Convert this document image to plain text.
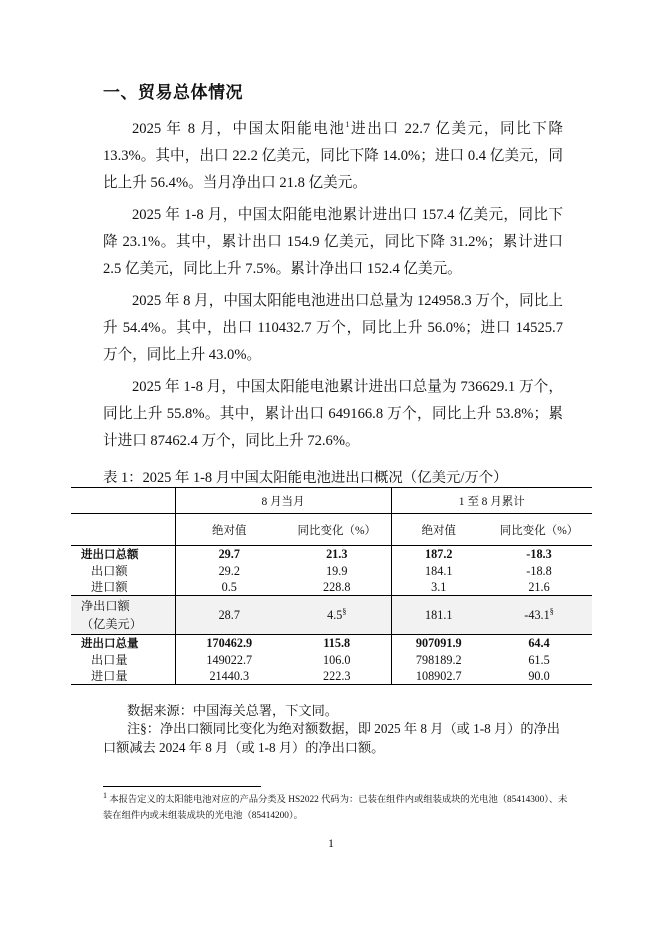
一、贸易总体情况

2025 年 8 月，中国太阳能电池$^1$进出口 22.7 亿美元，同比下降 13.3%。其中，出口 22.2 亿美元，同比下降 14.0%；进口 0.4 亿美元，同比上升 56.4%。当月净出口 21.8 亿美元。

2025 年 1-8 月，中国太阳能电池累计进出口 157.4 亿美元，同比下降 23.1%。其中，累计出口 154.9 亿美元，同比下降 31.2%；累计进口 2.5 亿美元，同比上升 7.5%。累计净出口 152.4 亿美元。

2025 年 8 月，中国太阳能电池进出口总量为 124958.3 万个，同比上升 54.4%。其中，出口 110432.7 万个，同比上升 56.0%；进口 14525.7 万个，同比上升 43.0%。

2025 年 1-8 月，中国太阳能电池累计进出口总量为 736629.1 万个，同比上升 55.8%。其中，累计出口 649166.8 万个，同比上升 53.8%；累计进口 87462.4 万个，同比上升 72.6%。

表 1：2025 年 1-8 月中国太阳能电池进出口概况（亿美元/万个）
	8 月当月		1 至 8 月累计	
	绝对值	同比变化（%）	绝对值	同比变化（%）
进出口总额	29.7	21.3	187.2	-18.3
出口额	29.2	19.9	184.1	-18.8
进口额	0.5	228.8	3.1	21.6
净出口额
（亿美元）	28.7	4.5§	181.1	-43.1§
进出口总量	170462.9	115.8	907091.9	64.4
出口量	149022.7	106.0	798189.2	61.5
进口量	21440.3	222.3	108902.7	90.0
数据来源：中国海关总署，下文同。
注§：净出口额同比变化为绝对额数据，即 2025 年 8 月（或 1-8 月）的净出口额减去 2024 年 8 月（或 1-8 月）的净出口额。
$^1$ 本报告定义的太阳能电池对应的产品分类及 HS2022 代码为：已装在组件内或组装成块的光电池（85414300）、未装在组件内或未组装成块的光电池（85414200）。
1
